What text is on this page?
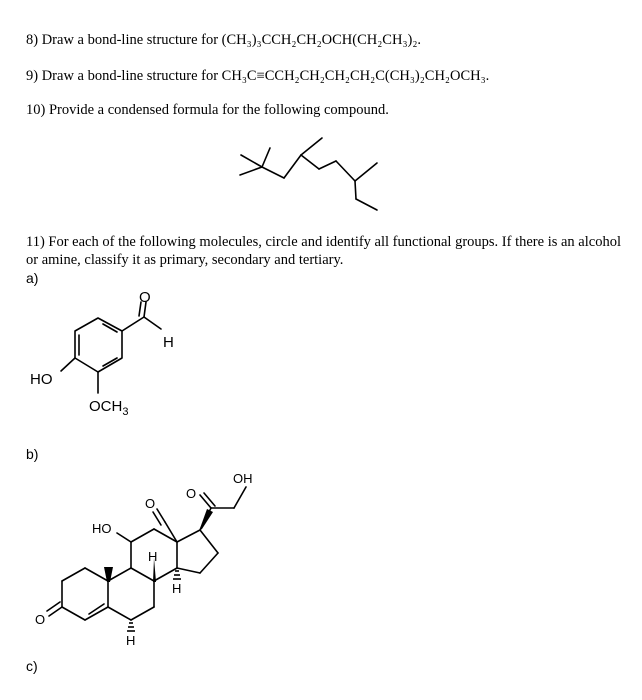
8) Draw a bond-line structure for (CH₃)₃CCH₂CH₂OCH(CH₂CH₃)₂.
9) Draw a bond-line structure for CH₃C≡CCH₂CH₂CH₂CH₂C(CH₃)₂CH₂OCH₃.
10) Provide a condensed formula for the following compound.
11) For each of the following molecules, circle and identify all functional groups. If there is an alcohol or amine, classify it as primary, secondary and tertiary.
a)
b)
c)
O
H
HO
$OCH_3$
OH
O
O
O
HO
H
H
H
